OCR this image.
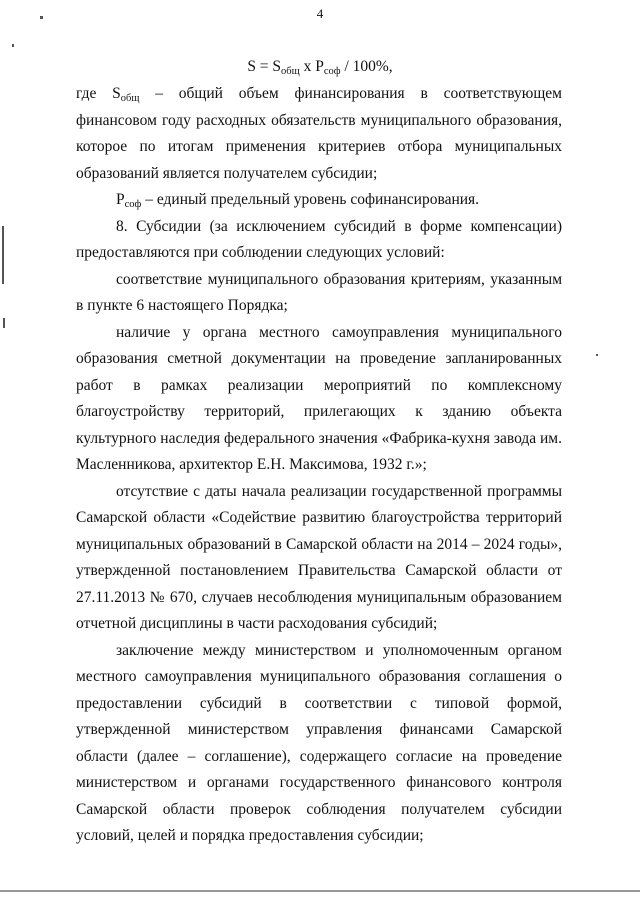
4
$S = S_{общ}$ x $P_{соф} / 100\%$,

где $S_{общ}$ – общий объем финансирования в соответствующем финансовом году расходных обязательств муниципального образования, которое по итогам применения критериев отбора муниципальных образований является получателем субсидии;

$P_{соф}$ – единый предельный уровень софинансирования.

8. Субсидии (за исключением субсидий в форме компенсации) предоставляются при соблюдении следующих условий:

соответствие муниципального образования критериям, указанным в пункте 6 настоящего Порядка;

наличие у органа местного самоуправления муниципального образования сметной документации на проведение запланированных работ в рамках реализации мероприятий по комплексному благоустройству территорий, прилегающих к зданию объекта культурного наследия федерального значения «Фабрика-кухня завода им. Масленникова, архитектор Е.Н. Максимова, 1932 г.»;

отсутствие с даты начала реализации государственной программы Самарской области «Содействие развитию благоустройства территорий муниципальных образований в Самарской области на 2014 – 2024 годы», утвержденной постановлением Правительства Самарской области от 27.11.2013 № 670, случаев несоблюдения муниципальным образованием отчетной дисциплины в части расходования субсидий;

заключение между министерством и уполномоченным органом местного самоуправления муниципального образования соглашения о предоставлении субсидий в соответствии с типовой формой, утвержденной министерством управления финансами Самарской области (далее – соглашение), содержащего согласие на проведение министерством и органами государственного финансового контроля Самарской области проверок соблюдения получателем субсидии условий, целей и порядка предоставления субсидии;
